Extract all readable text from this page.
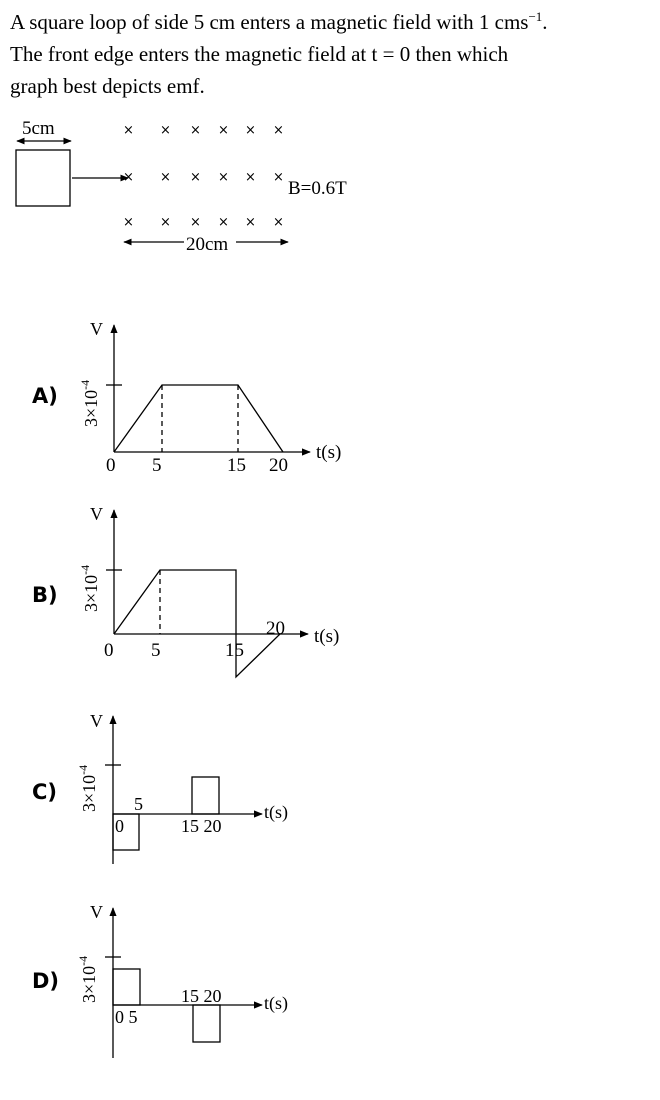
A square loop of side 5 cm enters a magnetic field with 1 cms$^{-1}$.

The front edge enters the magnetic field at t = 0 then which

graph best depicts emf.

5cm	× × × × × ×
× × × × × ×
× × × × × ×
B=0.6T
20cm
A)
V
$3\times 10^{-4}$
0 5	15 20
t(s)
B)
V
$3\times 10^{-4}$
0 5	15
20 t(s)
C)
V
$3\times 10^{-4}$
0
5
15 20
t(s)
D)
V
$3\times 10^{-4}$
0 5
15 20 t(s)
